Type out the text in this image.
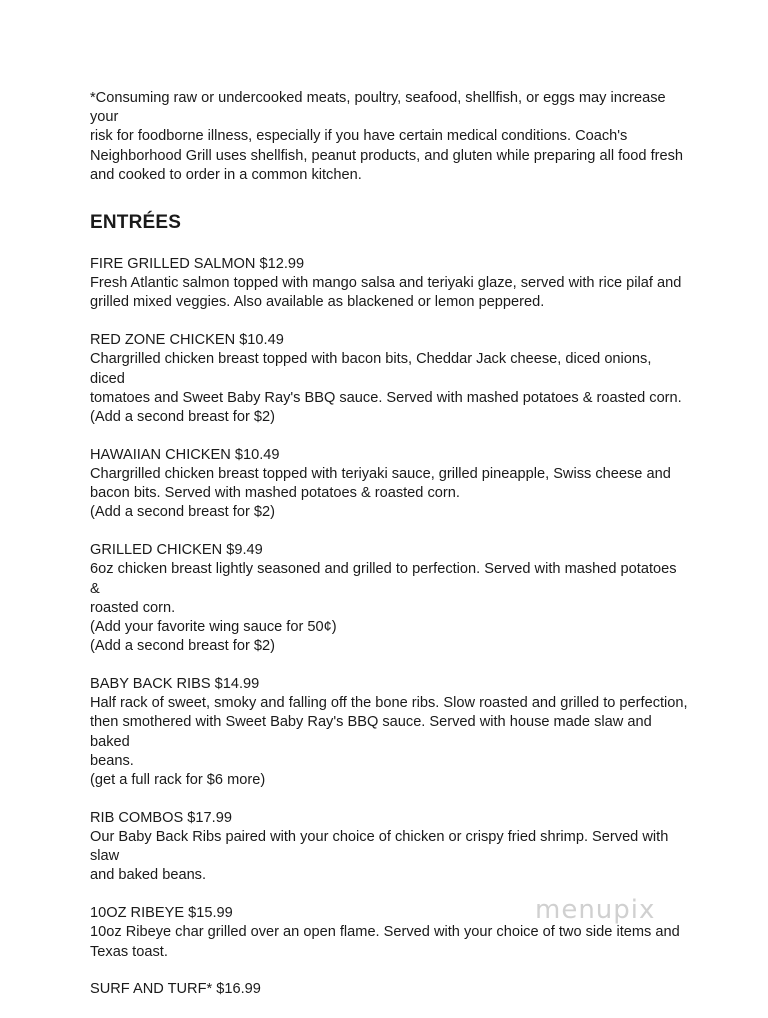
*Consuming raw or undercooked meats, poultry, seafood, shellfish, or eggs may increase your
risk for foodborne illness, especially if you have certain medical conditions. Coach's
Neighborhood Grill uses shellfish, peanut products, and gluten while preparing all food fresh
and cooked to order in a common kitchen.

ENTRÉES
FIRE GRILLED SALMON $12.99
Fresh Atlantic salmon topped with mango salsa and teriyaki glaze, served with rice pilaf and
grilled mixed veggies. Also available as blackened or lemon peppered.
RED ZONE CHICKEN $10.49
Chargrilled chicken breast topped with bacon bits, Cheddar Jack cheese, diced onions, diced
tomatoes and Sweet Baby Ray's BBQ sauce. Served with mashed potatoes & roasted corn.
(Add a second breast for $2)
HAWAIIAN CHICKEN $10.49
Chargrilled chicken breast topped with teriyaki sauce, grilled pineapple, Swiss cheese and
bacon bits. Served with mashed potatoes & roasted corn.
(Add a second breast for $2)
GRILLED CHICKEN $9.49
6oz chicken breast lightly seasoned and grilled to perfection. Served with mashed potatoes &
roasted corn.
(Add your favorite wing sauce for 50¢)
(Add a second breast for $2)
BABY BACK RIBS $14.99
Half rack of sweet, smoky and falling off the bone ribs. Slow roasted and grilled to perfection,
then smothered with Sweet Baby Ray's BBQ sauce. Served with house made slaw and baked
beans.
(get a full rack for $6 more)
RIB COMBOS $17.99
Our Baby Back Ribs paired with your choice of chicken or crispy fried shrimp. Served with slaw
and baked beans.
10OZ RIBEYE $15.99
10oz Ribeye char grilled over an open flame. Served with your choice of two side items and
Texas toast.
SURF AND TURF* $16.99
menupix
